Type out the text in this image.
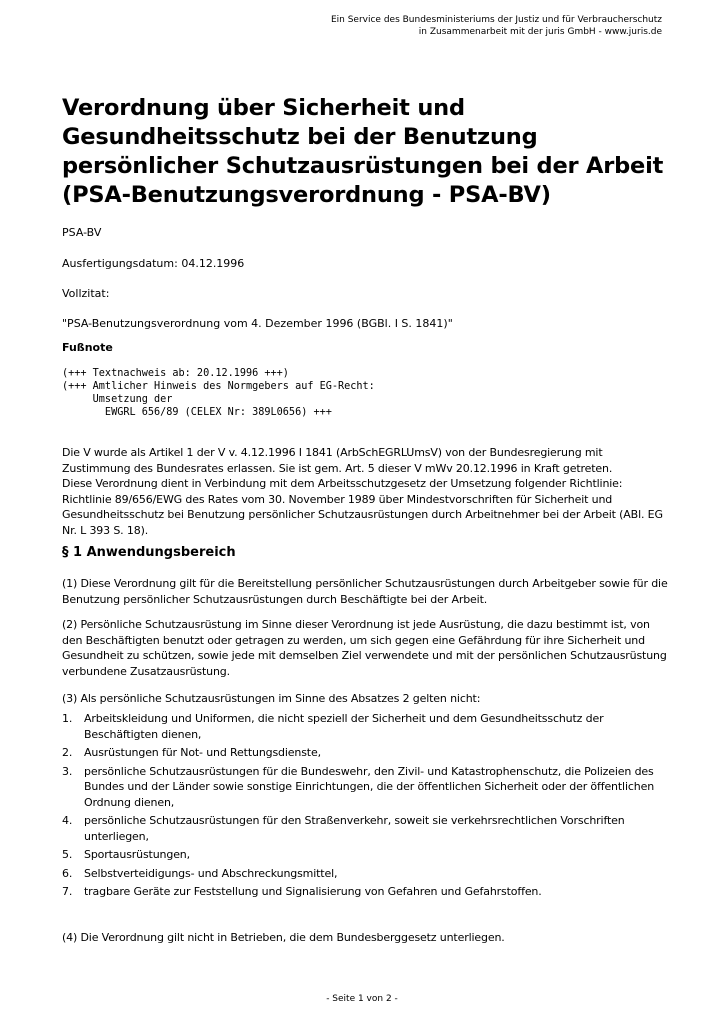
Ein Service des Bundesministeriums der Justiz und für Verbraucherschutz
in Zusammenarbeit mit der juris GmbH - www.juris.de
Verordnung über Sicherheit und Gesundheitsschutz bei der Benutzung persönlicher Schutzausrüstungen bei der Arbeit (PSA-Benutzungsverordnung - PSA-BV)

PSA-BV

Ausfertigungsdatum: 04.12.1996

Vollzitat:

"PSA-Benutzungsverordnung vom 4. Dezember 1996 (BGBl. I S. 1841)"

Fußnote

(+++ Textnachweis ab: 20.12.1996 +++)
(+++ Amtlicher Hinweis des Normgebers auf EG-Recht:
Umsetzung der
EWGRL 656/89 (CELEX Nr: 389L0656) +++

Die V wurde als Artikel 1 der V v. 4.12.1996 I 1841 (ArbSchEGRLUmsV) von der Bundesregierung mit Zustimmung des Bundesrates erlassen. Sie ist gem. Art. 5 dieser V mWv 20.12.1996 in Kraft getreten.

Diese Verordnung dient in Verbindung mit dem Arbeitsschutzgesetz der Umsetzung folgender Richtlinie: Richtlinie 89/656/EWG des Rates vom 30. November 1989 über Mindestvorschriften für Sicherheit und Gesundheitsschutz bei Benutzung persönlicher Schutzausrüstungen durch Arbeitnehmer bei der Arbeit (ABl. EG Nr. L 393 S. 18).

§ 1 Anwendungsbereich

(1) Diese Verordnung gilt für die Bereitstellung persönlicher Schutzausrüstungen durch Arbeitgeber sowie für die Benutzung persönlicher Schutzausrüstungen durch Beschäftigte bei der Arbeit.

(2) Persönliche Schutzausrüstung im Sinne dieser Verordnung ist jede Ausrüstung, die dazu bestimmt ist, von den Beschäftigten benutzt oder getragen zu werden, um sich gegen eine Gefährdung für ihre Sicherheit und Gesundheit zu schützen, sowie jede mit demselben Ziel verwendete und mit der persönlichen Schutzausrüstung verbundene Zusatzausrüstung.

(3) Als persönliche Schutzausrüstungen im Sinne des Absatzes 2 gelten nicht:

1. Arbeitskleidung und Uniformen, die nicht speziell der Sicherheit und dem Gesundheitsschutz der Beschäftigten dienen,
2. Ausrüstungen für Not- und Rettungsdienste,
3. persönliche Schutzausrüstungen für die Bundeswehr, den Zivil- und Katastrophenschutz, die Polizeien des Bundes und der Länder sowie sonstige Einrichtungen, die der öffentlichen Sicherheit oder der öffentlichen Ordnung dienen,
4. persönliche Schutzausrüstungen für den Straßenverkehr, soweit sie verkehrsrechtlichen Vorschriften unterliegen,
5. Sportausrüstungen,
6. Selbstverteidigungs- und Abschreckungsmittel,
7. tragbare Geräte zur Feststellung und Signalisierung von Gefahren und Gefahrstoffen.

(4) Die Verordnung gilt nicht in Betrieben, die dem Bundesberggesetz unterliegen.

- Seite 1 von 2 -
